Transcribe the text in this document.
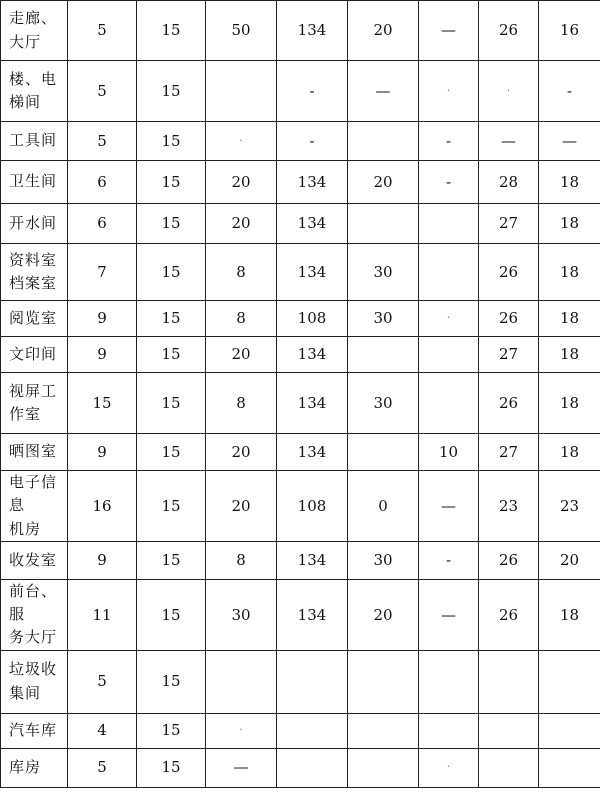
走廊、
大厅	5	15	50	134	20	—	26	16
楼、电
梯间	5	15		-	—	·	·	-
工具间	5	15	·	-		-	—	—
卫生间	6	15	20	134	20	-	28	18
开水间	6	15	20	134			27	18
资料室
档案室	7	15	8	134	30		26	18
阅览室	9	15	8	108	30	·	26	18
文印间	9	15	20	134			27	18
视屏工
作室	15	15	8	134	30		26	18
晒图室	9	15	20	134		10	27	18
电子信息
机房	16	15	20	108	0	—	23	23
收发室	9	15	8	134	30	-	26	20
前台、服
务大厅	11	15	30	134	20	—	26	18
垃圾收
集间	5	15						
汽车库	4	15	·					
库房	5	15	—			·		
